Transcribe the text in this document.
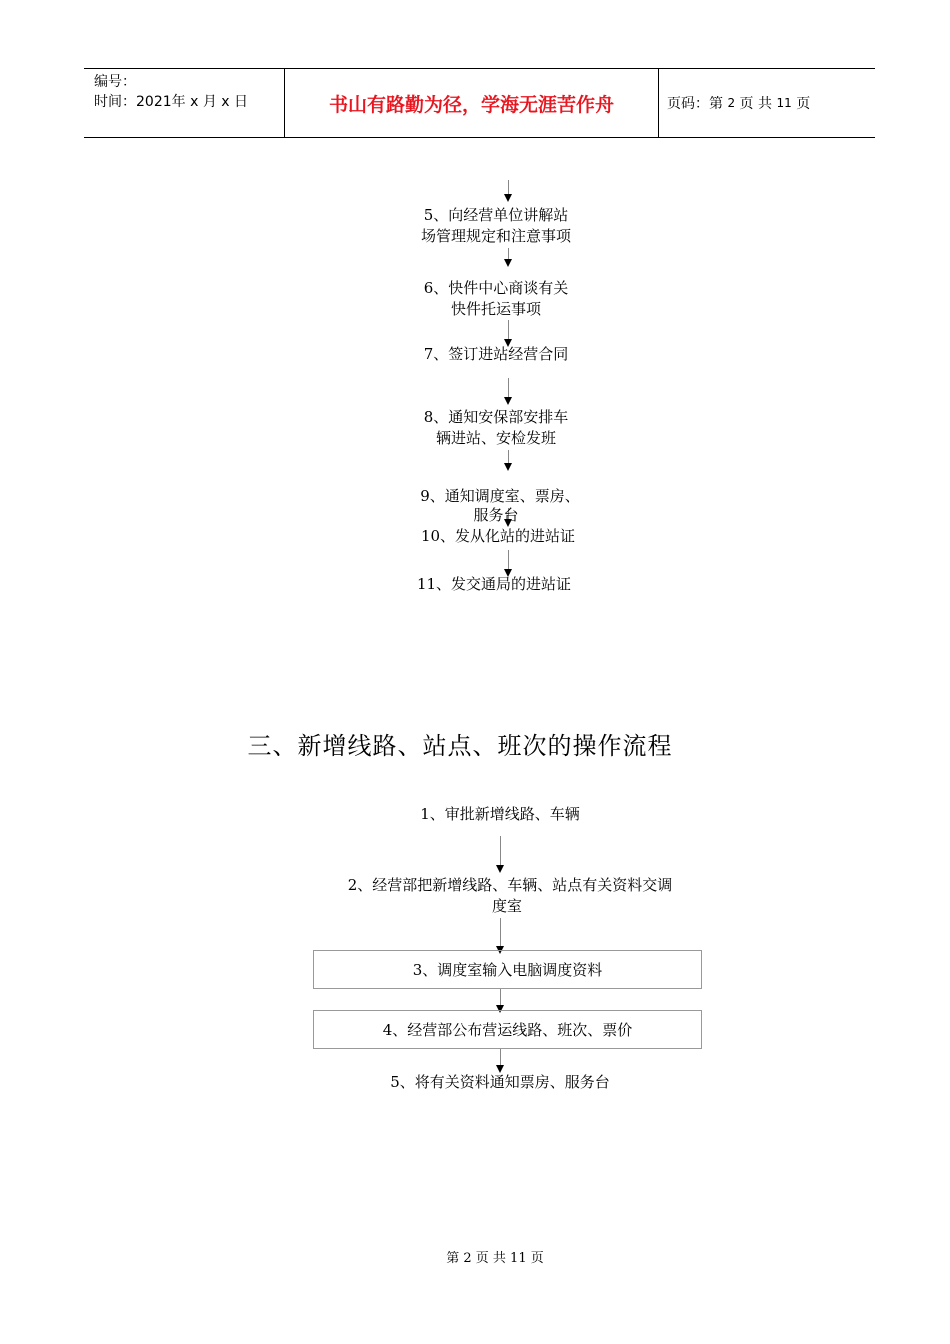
编号：
时间：2021年 x 月 x 日	书山有路勤为径，学海无涯苦作舟	页码：第
2
页 共
11
页
5、向经营单位讲解站
场管理规定和注意事项
6、快件中心商谈有关
快件托运事项
7、签订进站经营合同
8、通知安保部安排车
辆进站、安检发班
9、通知调度室、票房、
服务台
10、发从化站的进站证
11、发交通局的进站证
三、新增线路、站点、班次的操作流程
1、审批新增线路、车辆
2、经营部把新增线路、车辆、站点有关资料交调
度室
3、调度室输入电脑调度资料
4、经营部公布营运线路、班次、票价
5、将有关资料通知票房、服务台
第 2 页 共 11 页
